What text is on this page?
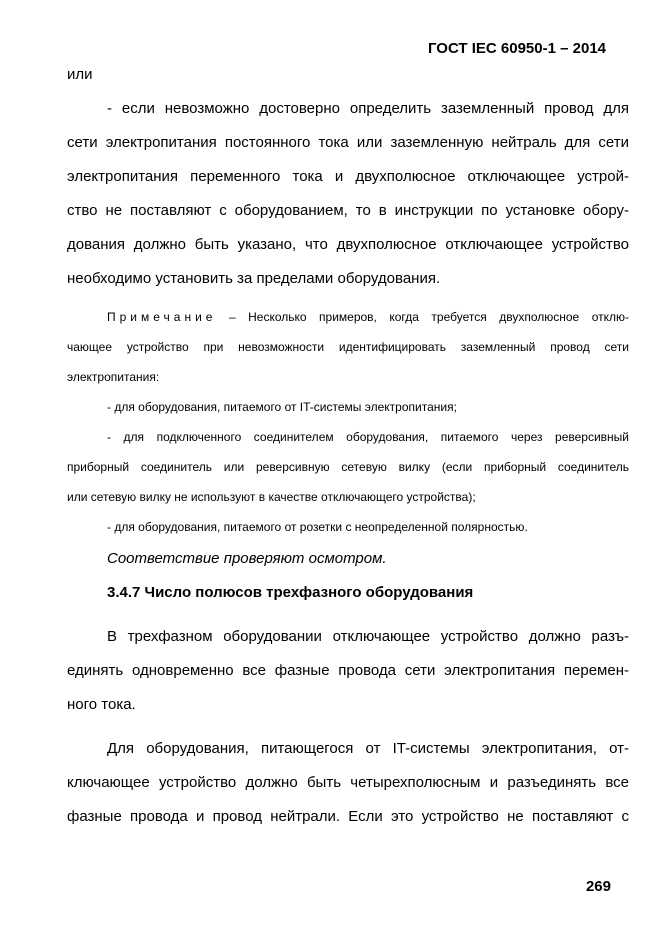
ГОСТ IEC 60950-1 – 2014
или
- если невозможно достоверно определить заземленный провод для
сети электропитания постоянного тока или заземленную нейтраль для сети
электропитания переменного тока и двухполюсное отключающее устрой-
ство не поставляют с оборудованием, то в инструкции по установке обору-
дования должно быть указано, что двухполюсное отключающее устройство
необходимо установить за пределами оборудования.
Примечание – Несколько примеров, когда требуется двухполюсное отклю-
чающее устройство при невозможности идентифицировать заземленный провод сети
электропитания:
- для оборудования, питаемого от IT-системы электропитания;
- для подключенного соединителем оборудования, питаемого через реверсивный
приборный соединитель или реверсивную сетевую вилку (если приборный соединитель
или сетевую вилку не используют в качестве отключающего устройства);
- для оборудования, питаемого от розетки с неопределенной полярностью.
Соответствие проверяют осмотром.
3.4.7 Число полюсов трехфазного оборудования
В трехфазном оборудовании отключающее устройство должно разъ-
единять одновременно все фазные провода сети электропитания перемен-
ного тока.
Для оборудования, питающегося от IT-системы электропитания, от-
ключающее устройство должно быть четырехполюсным и разъединять все
фазные провода и провод нейтрали. Если это устройство не поставляют с
269
